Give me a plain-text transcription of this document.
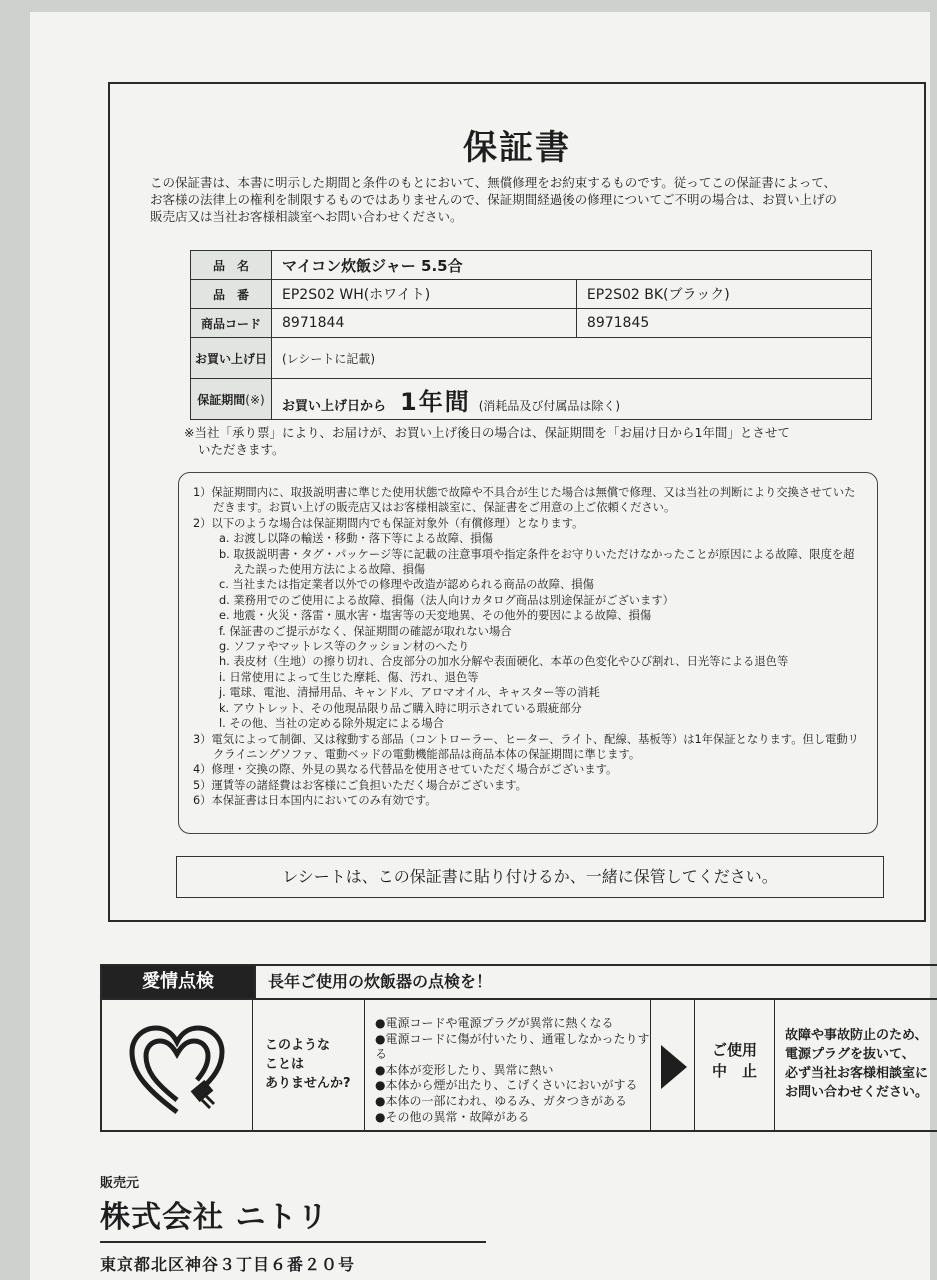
保証書
この保証書は、本書に明示した期間と条件のもとにおいて、無償修理をお約束するものです。従ってこの保証書によって、
お客様の法律上の権利を制限するものではありませんので、保証期間経過後の修理についてご不明の場合は、お買い上げの
販売店又は当社お客様相談室へお問い合わせください。
品　名	マイコン炊飯ジャー 5.5合	
品　番	EP2S02 WH(ホワイト)	EP2S02 BK(ブラック)
商品コード	8971844	8971845
お買い上げ日	(レシートに記載)	
保証期間(※)	お買い上げ日から 1年間 (消耗品及び付属品は除く)	
※当社「承り票」により、お届けが、お買い上げ後日の場合は、保証期間を「お届け日から1年間」とさせて
いただきます。
1）保証期間内に、取扱説明書に準じた使用状態で故障や不具合が生じた場合は無償で修理、又は当社の判断により交換させていただきます。お買い上げの販売店又はお客様相談室に、保証書をご用意の上ご依頼ください。
2）以下のような場合は保証期間内でも保証対象外（有償修理）となります。
a. お渡し以降の輸送・移動・落下等による故障、損傷
b. 取扱説明書・タグ・パッケージ等に記載の注意事項や指定条件をお守りいただけなかったことが原因による故障、限度を超えた誤った使用方法による故障、損傷
c. 当社または指定業者以外での修理や改造が認められる商品の故障、損傷
d. 業務用でのご使用による故障、損傷（法人向けカタログ商品は別途保証がございます）
e. 地震・火災・落雷・風水害・塩害等の天変地異、その他外的要因による故障、損傷
f. 保証書のご提示がなく、保証期間の確認が取れない場合
g. ソファやマットレス等のクッション材のへたり
h. 表皮材（生地）の擦り切れ、合皮部分の加水分解や表面硬化、本革の色変化やひび割れ、日光等による退色等
i. 日常使用によって生じた摩耗、傷、汚れ、退色等
j. 電球、電池、清掃用品、キャンドル、アロマオイル、キャスター等の消耗
k. アウトレット、その他現品限り品ご購入時に明示されている瑕疵部分
l. その他、当社の定める除外規定による場合
3）電気によって制御、又は稼動する部品（コントローラー、ヒーター、ライト、配線、基板等）は1年保証となります。但し電動リクライニングソファ、電動ベッドの電動機能部品は商品本体の保証期間に準じます。
4）修理・交換の際、外見の異なる代替品を使用させていただく場合がございます。
5）運賃等の諸経費はお客様にご負担いただく場合がございます。
6）本保証書は日本国内においてのみ有効です。
レシートは、この保証書に貼り付けるか、一緒に保管してください。
愛情点検	長年ご使用の炊飯器の点検を！
このような
ことは
ありませんか?
●電源コードや電源プラグが異常に熱くなる
●電源コードに傷が付いたり、通電しなかったりする
●本体が変形したり、異常に熱い
●本体から煙が出たり、こげくさいにおいがする
●本体の一部にわれ、ゆるみ、ガタつきがある
●その他の異常・故障がある
ご使用
中　止
故障や事故防止のため、
電源プラグを抜いて、
必ず当社お客様相談室に
お問い合わせください。
販売元
株式会社 ニトリ
東京都北区神谷３丁目６番２０号
